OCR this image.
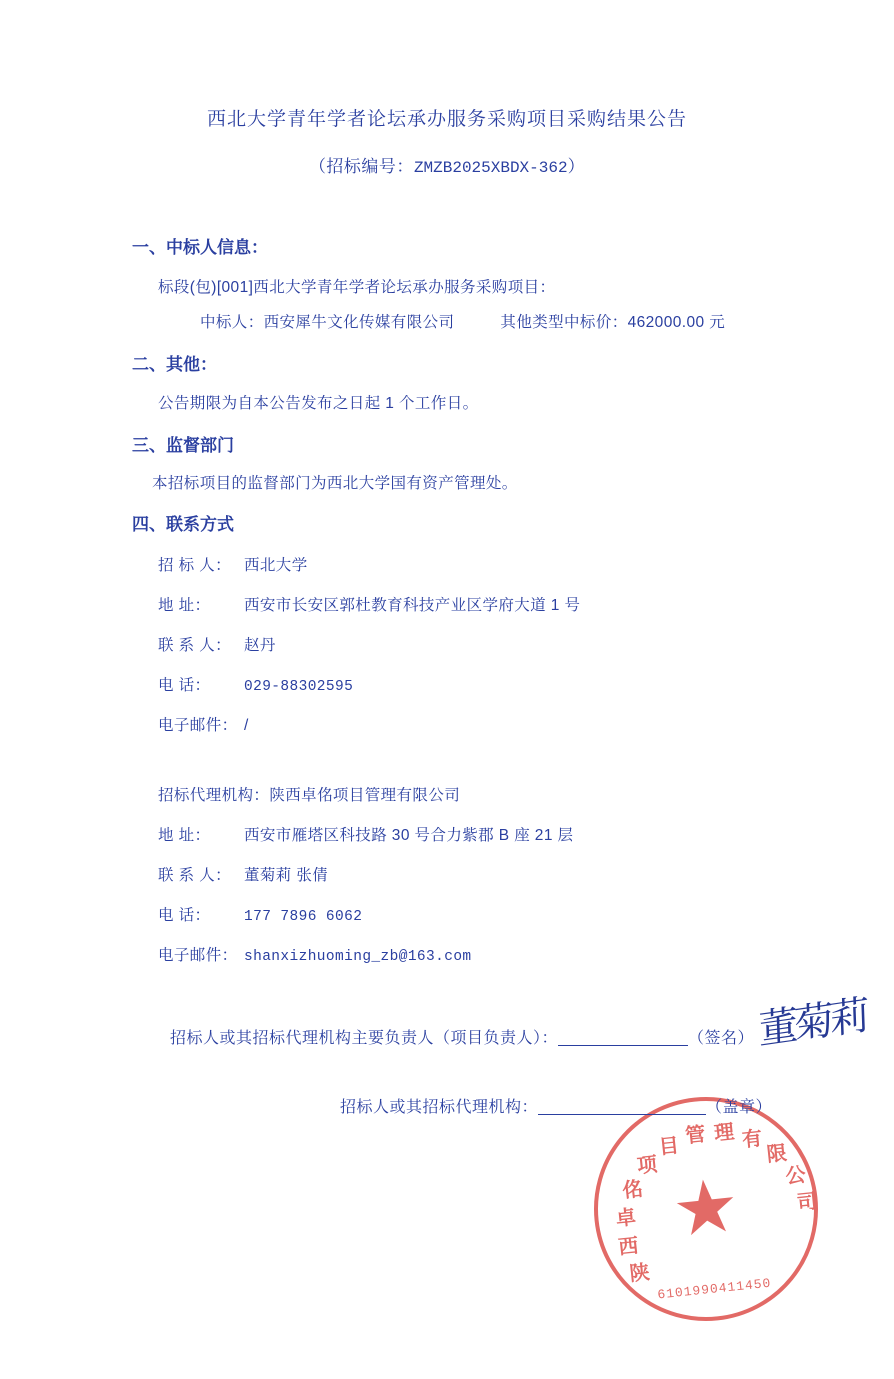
西北大学青年学者论坛承办服务采购项目采购结果公告
（招标编号：ZMZB2025XBDX-362）
一、中标人信息：
标段(包)[001]西北大学青年学者论坛承办服务采购项目：
中标人：西安犀牛文化传媒有限公司	其他类型中标价：462000.00 元
二、其他：
公告期限为自本公告发布之日起 1 个工作日。
三、监督部门
本招标项目的监督部门为西北大学国有资产管理处。
四、联系方式
招 标 人： 西北大学
地 址： 西安市长安区郭杜教育科技产业区学府大道 1 号
联 系 人： 赵丹
电 话： 029-88302595
电子邮件： /
招标代理机构：陕西卓佲项目管理有限公司
地 址： 西安市雁塔区科技路 30 号合力紫郡 B 座 21 层
联 系 人： 董菊莉 张倩
电 话： 177 7896 6062
电子邮件： shanxizhuoming_zb@163.com
陕
西
卓
佲
项
目 管 理 有
限
公
司
6101990411450
招标人或其招标代理机构主要负责人（项目负责人）：	（签名） 董菊莉
招标人或其招标代理机构：	（盖章）
